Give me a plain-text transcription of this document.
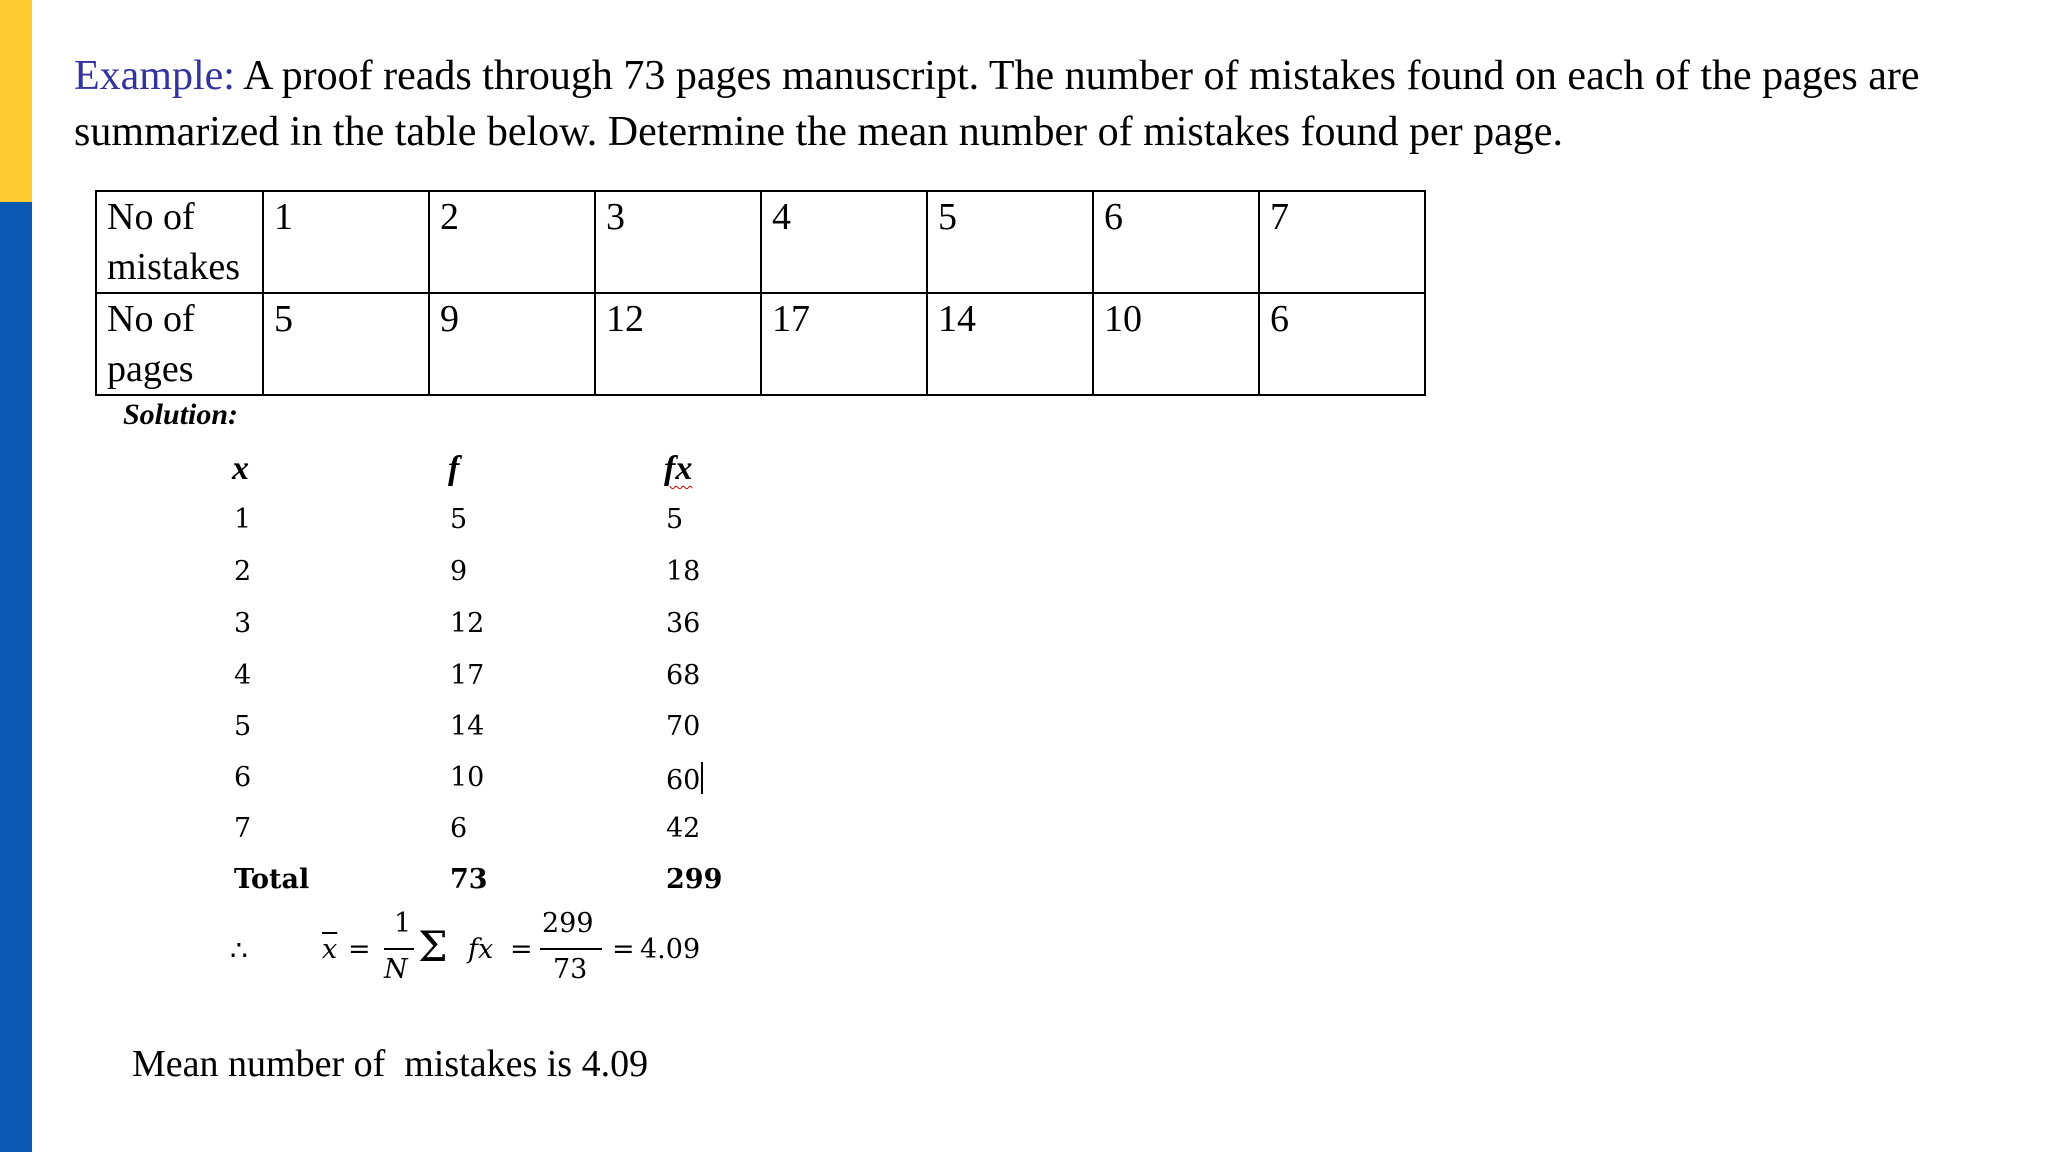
Example: A proof reads through 73 pages manuscript. The number of mistakes found on each of the pages are summarized in the table below. Determine the mean number of mistakes found per page.
No of
mistakes	1	2	3	4	5	6	7

No of
pages	5	9	12	17	14	10	6
Solution:
x	f	fx
1	5	5
2	9	18
3	12	36
4	17	68
5	14	70
6	10	60
7	6	42
Total	73	299
∴	$\overline{x}$ =
1
N Σ fx =
299
73
= 4.09
Mean number of  mistakes is 4.09
